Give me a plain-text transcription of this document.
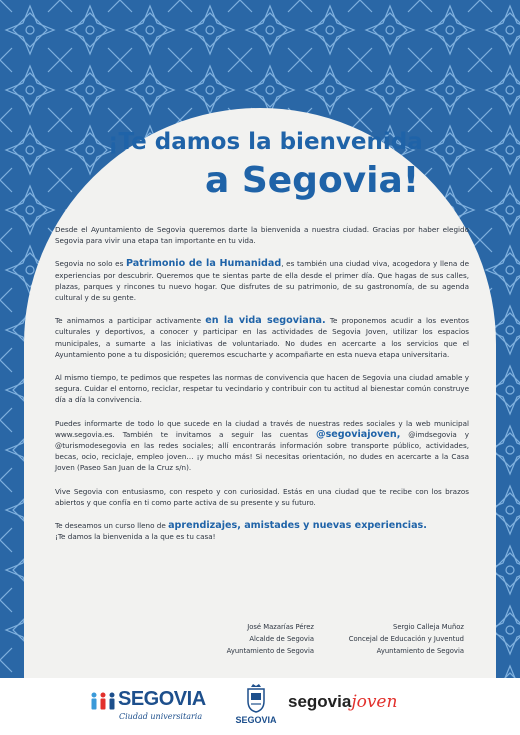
¡Te damos la bienvenida
a Segovia!

Desde el Ayuntamiento de Segovia queremos darte la bienvenida a nuestra ciudad. Gracias por haber elegido Segovia para vivir una etapa tan importante en tu vida.

Segovia no solo es Patrimonio de la Humanidad, es también una ciudad viva, acogedora y llena de experiencias por descubrir. Queremos que te sientas parte de ella desde el primer día. Que hagas de sus calles, plazas, parques y rincones tu nuevo hogar. Que disfrutes de su patrimonio, de su gastronomía, de su agenda cultural y de su gente.

Te animamos a participar activamente en la vida segoviana. Te proponemos acudir a los eventos culturales y deportivos, a conocer y participar en las actividades de Segovia Joven, utilizar los espacios municipales, a sumarte a las iniciativas de voluntariado. No dudes en acercarte a los servicios que el Ayuntamiento pone a tu disposición; queremos escucharte y acompañarte en esta nueva etapa universitaria.

Al mismo tiempo, te pedimos que respetes las normas de convivencia que hacen de Segovia una ciudad amable y segura. Cuidar el entorno, reciclar, respetar tu vecindario y contribuir con tu actitud al bienestar común construye día a día la convivencia.

Puedes informarte de todo lo que sucede en la ciudad a través de nuestras redes sociales y la web municipal www.segovia.es. También te invitamos a seguir las cuentas @segoviajoven, @imdsegovia y @turismodesegovia en las redes sociales; allí encontrarás información sobre transporte público, actividades, becas, ocio, reciclaje, empleo joven… ¡y mucho más! Si necesitas orientación, no dudes en acercarte a la Casa Joven (Paseo San Juan de la Cruz s/n).

Vive Segovia con entusiasmo, con respeto y con curiosidad. Estás en una ciudad que te recibe con los brazos abiertos y que confía en ti como parte activa de su presente y su futuro.

Te deseamos un curso lleno de aprendizajes, amistades y nuevas experiencias.
¡Te damos la bienvenida a la que es tu casa!

José Mazarías Pérez
Alcalde de Segovia
Ayuntamiento de Segovia
Sergio Calleja Muñoz
Concejal de Educación y Juventud
Ayuntamiento de Segovia
SEGOVIA
Ciudad universitaria	SEGOVIA
segoviajoven
